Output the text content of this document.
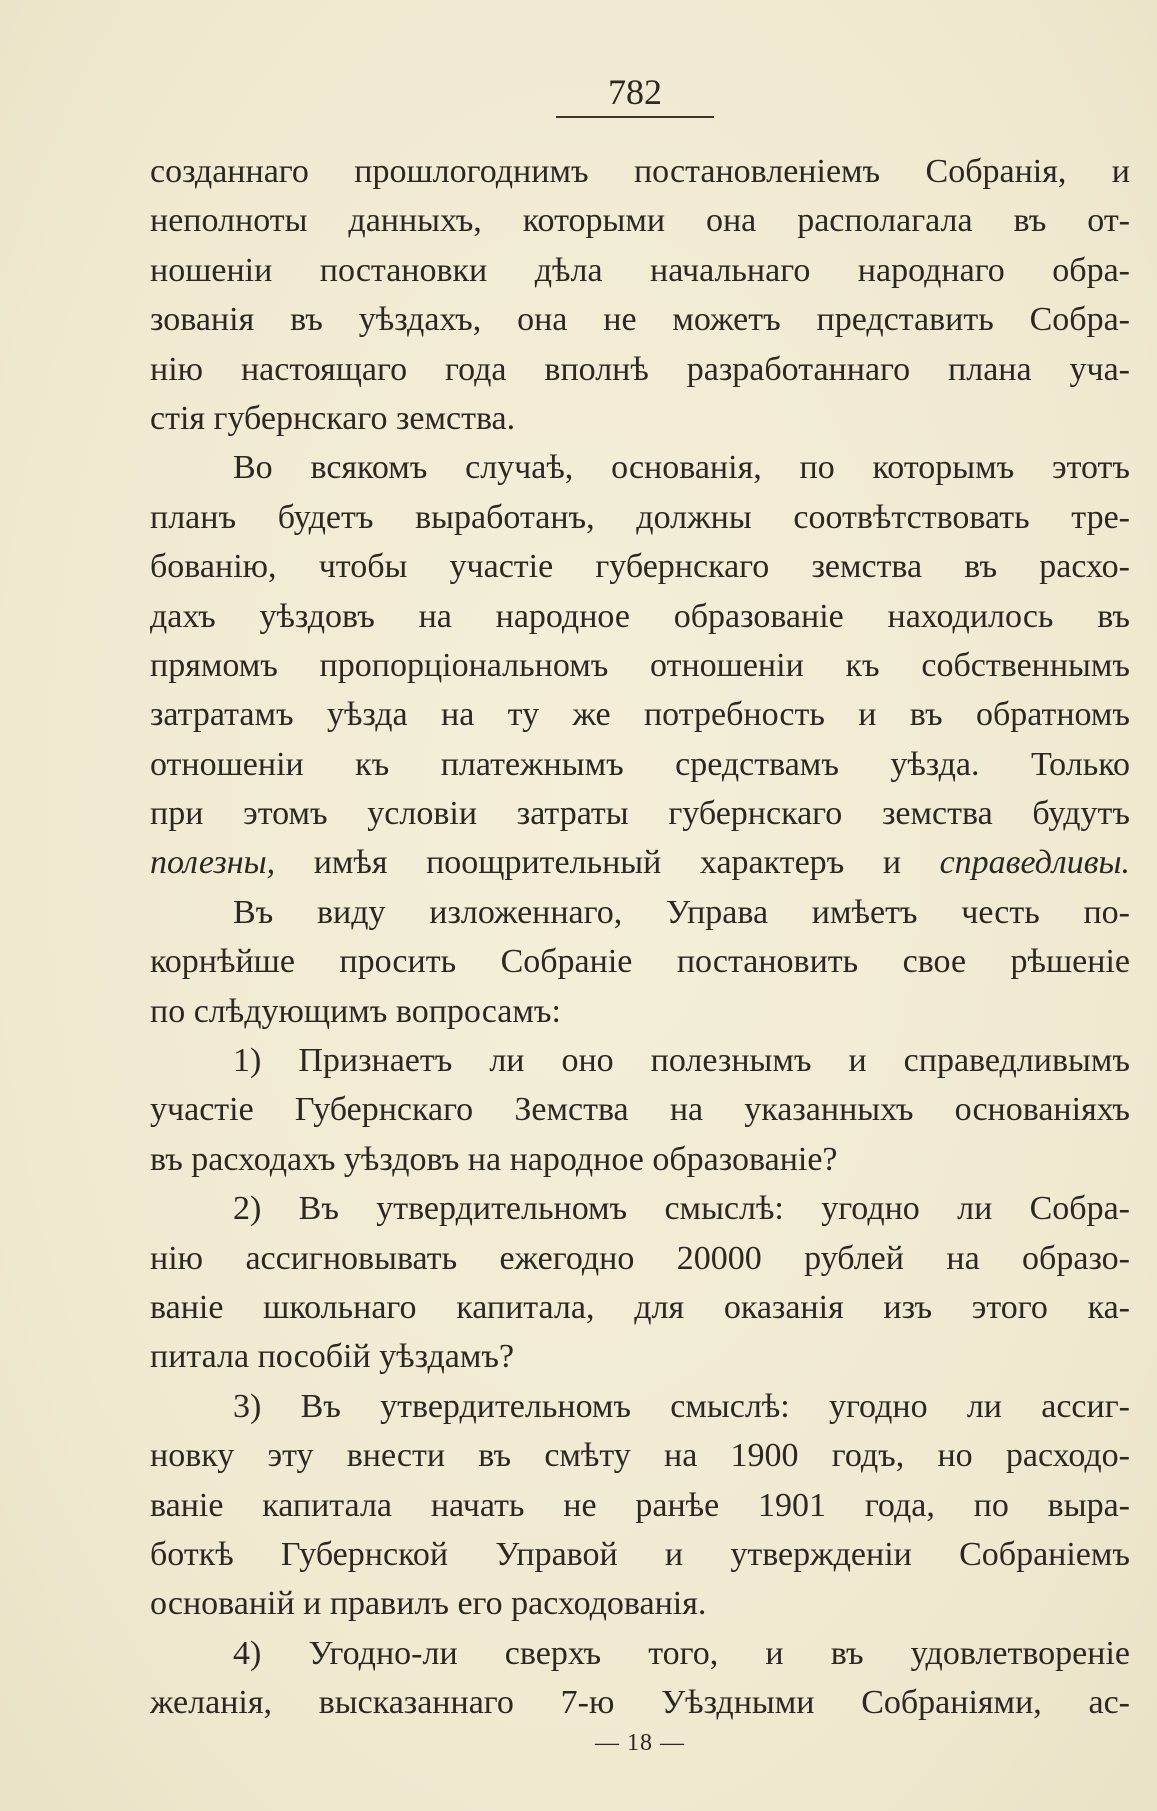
782
созданнаго прошлогоднимъ постановленіемъ Собранія, и
неполноты данныхъ, которыми она располагала въ от-
ношеніи постановки дѣла начальнаго народнаго обра-
зованія въ уѣздахъ, она не можетъ представить Собра-
нію настоящаго года вполнѣ разработаннаго плана уча-
стія губернскаго земства.
Во всякомъ случаѣ, основанія, по которымъ этотъ
планъ будетъ выработанъ, должны соотвѣтствовать тре-
бованію, чтобы участіе губернскаго земства въ расхо-
дахъ уѣздовъ на народное образованіе находилось въ
прямомъ пропорціональномъ отношеніи къ собственнымъ
затратамъ уѣзда на ту же потребность и въ обратномъ
отношеніи къ платежнымъ средствамъ уѣзда. Только
при этомъ условіи затраты губернскаго земства будутъ
полезны, имѣя поощрительный характеръ и справедливы.
Въ виду изложеннаго, Управа имѣетъ честь по-
корнѣйше просить Собраніе постановить свое рѣшеніе
по слѣдующимъ вопросамъ:
1) Признаетъ ли оно полезнымъ и справедливымъ
участіе Губернскаго Земства на указанныхъ основаніяхъ
въ расходахъ уѣздовъ на народное образованіе?
2) Въ утвердительномъ смыслѣ: угодно ли Собра-
нію ассигновывать ежегодно 20000 рублей на образо-
ваніе школьнаго капитала, для оказанія изъ этого ка-
питала пособій уѣздамъ?
3) Въ утвердительномъ смыслѣ: угодно ли ассиг-
новку эту внести въ смѣту на 1900 годъ, но расходо-
ваніе капитала начать не ранѣе 1901 года, по выра-
боткѣ Губернской Управой и утвержденіи Собраніемъ
основаній и правилъ его расходованія.
4) Угодно-ли сверхъ того, и въ удовлетвореніе
желанія, высказаннаго 7-ю Уѣздными Собраніями, ас-
— 18 —
